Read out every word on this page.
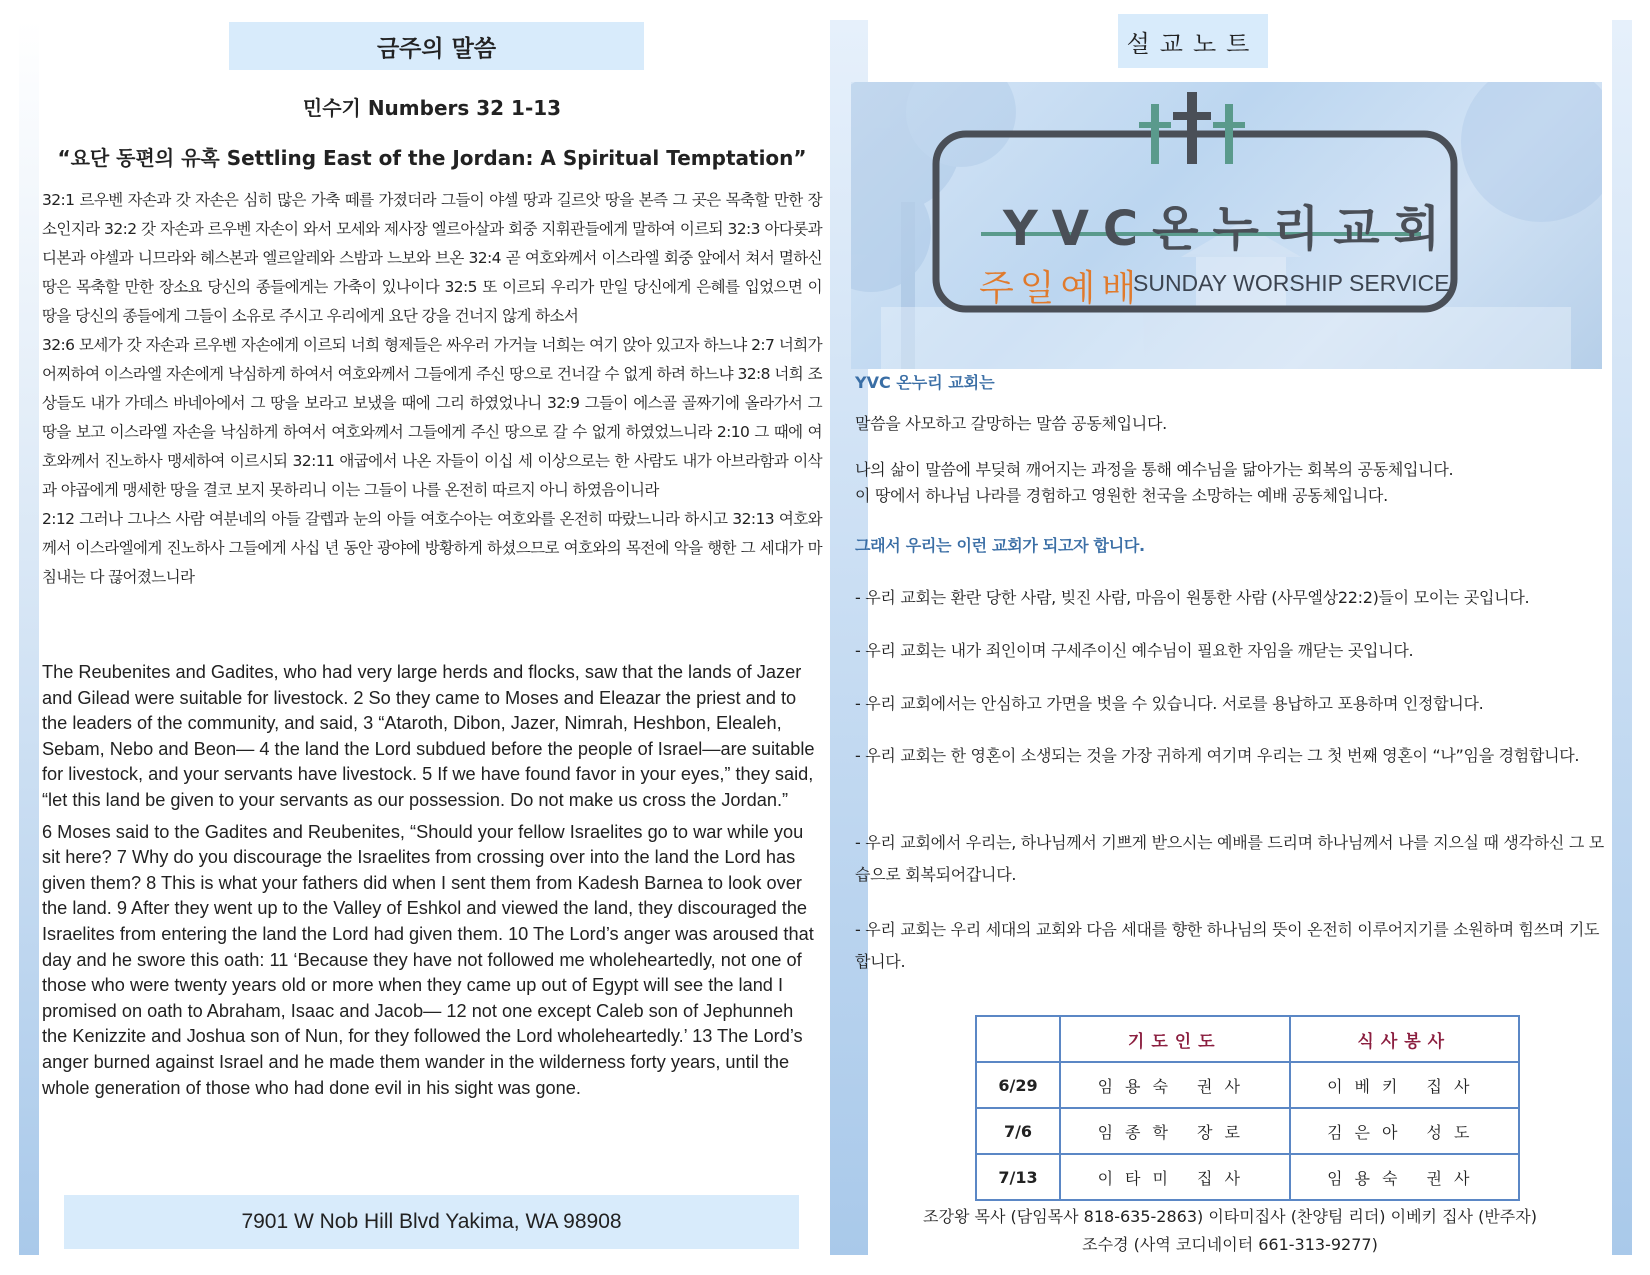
금주의 말씀
민수기 Numbers 32 1-13
“요단 동편의 유혹 Settling East of the Jordan: A Spiritual Temptation”

32:1 르우벤 자손과 갓 자손은 심히 많은 가축 떼를 가졌더라 그들이 야셀 땅과 길르앗 땅을 본즉 그 곳은 목축할 만한 장소인지라 32:2 갓 자손과 르우벤 자손이 와서 모세와 제사장 엘르아살과 회중 지휘관들에게 말하여 이르되 32:3 아다롯과 디본과 야셀과 니므라와 헤스본과 엘르알레와 스밤과 느보와 브온 32:4 곧 여호와께서 이스라엘 회중 앞에서 쳐서 멸하신 땅은 목축할 만한 장소요 당신의 종들에게는 가축이 있나이다 32:5 또 이르되 우리가 만일 당신에게 은혜를 입었으면 이 땅을 당신의 종들에게 그들이 소유로 주시고 우리에게 요단 강을 건너지 않게 하소서

32:6 모세가 갓 자손과 르우벤 자손에게 이르되 너희 형제들은 싸우러 가거늘 너희는 여기 앉아 있고자 하느냐 2:7 너희가 어찌하여 이스라엘 자손에게 낙심하게 하여서 여호와께서 그들에게 주신 땅으로 건너갈 수 없게 하려 하느냐 32:8 너희 조상들도 내가 가데스 바네아에서 그 땅을 보라고 보냈을 때에 그리 하였었나니 32:9 그들이 에스골 골짜기에 올라가서 그 땅을 보고 이스라엘 자손을 낙심하게 하여서 여호와께서 그들에게 주신 땅으로 갈 수 없게 하였었느니라 2:10 그 때에 여호와께서 진노하사 맹세하여 이르시되 32:11 애굽에서 나온 자들이 이십 세 이상으로는 한 사람도 내가 아브라함과 이삭과 야곱에게 맹세한 땅을 결코 보지 못하리니 이는 그들이 나를 온전히 따르지 아니 하였음이니라

2:12 그러나 그나스 사람 여분네의 아들 갈렙과 눈의 아들 여호수아는 여호와를 온전히 따랐느니라 하시고 32:13 여호와께서 이스라엘에게 진노하사 그들에게 사십 년 동안 광야에 방황하게 하셨으므로 여호와의 목전에 악을 행한 그 세대가 마침내는 다 끊어졌느니라

The Reubenites and Gadites, who had very large herds and flocks, saw that the lands of Jazer and Gilead were suitable for livestock. 2 So they came to Moses and Eleazar the priest and to the leaders of the community, and said, 3 “Ataroth, Dibon, Jazer, Nimrah, Heshbon, Elealeh, Sebam, Nebo and Beon— 4 the land the Lord subdued before the people of Israel—are suitable for livestock, and your servants have livestock. 5 If we have found favor in your eyes,” they said, “let this land be given to your servants as our possession. Do not make us cross the Jordan.”

6 Moses said to the Gadites and Reubenites, “Should your fellow Israelites go to war while you sit here? 7 Why do you discourage the Israelites from crossing over into the land the Lord has given them? 8 This is what your fathers did when I sent them from Kadesh Barnea to look over the land. 9 After they went up to the Valley of Eshkol and viewed the land, they discouraged the Israelites from entering the land the Lord had given them. 10 The Lord’s anger was aroused that day and he swore this oath: 11 ‘Because they have not followed me wholeheartedly, not one of those who were twenty years old or more when they came up out of Egypt will see the land I promised on oath to Abraham, Isaac and Jacob— 12 not one except Caleb son of Jephunneh the Kenizzite and Joshua son of Nun, for they followed the Lord wholeheartedly.’ 13 The Lord’s anger burned against Israel and he made them wander in the wilderness forty years, until the whole generation of those who had done evil in his sight was gone.

7901 W Nob Hill Blvd Yakima, WA 98908
설교노트
YVC온누리교회
주일예배
SUNDAY WORSHIP SERVICE
YVC 온누리 교회는
말씀을 사모하고 갈망하는 말씀 공동체입니다.
나의 삶이 말씀에 부딪혀 깨어지는 과정을 통해 예수님을 닮아가는 회복의 공동체입니다.
이 땅에서 하나님 나라를 경험하고 영원한 천국을 소망하는 예배 공동체입니다.
그래서 우리는 이런 교회가 되고자 합니다.
- 우리 교회는 환란 당한 사람, 빚진 사람, 마음이 원통한 사람 (사무엘상22:2)들이 모이는 곳입니다.
- 우리 교회는 내가 죄인이며 구세주이신 예수님이 필요한 자임을 깨닫는 곳입니다.
- 우리 교회에서는 안심하고 가면을 벗을 수 있습니다. 서로를 용납하고 포용하며 인정합니다.
- 우리 교회는 한 영혼이 소생되는 것을 가장 귀하게 여기며 우리는 그 첫 번째 영혼이 “나”임을 경험합니다.
- 우리 교회에서 우리는, 하나님께서 기쁘게 받으시는 예배를 드리며 하나님께서 나를 지으실 때 생각하신 그 모습으로 회복되어갑니다.
- 우리 교회는 우리 세대의 교회와 다음 세대를 향한 하나님의 뜻이 온전히 이루어지기를 소원하며 힘쓰며 기도합니다.
	기도인도	식사봉사
6/29	임용숙 권사	이베키 집사
7/6	임종학 장로	김은아 성도
7/13	이타미 집사	임용숙 권사
조강왕 목사 (담임목사 818-635-2863) 이타미집사 (찬양팀 리더) 이베키 집사 (반주자)
조수경 (사역 코디네이터 661-313-9277)
